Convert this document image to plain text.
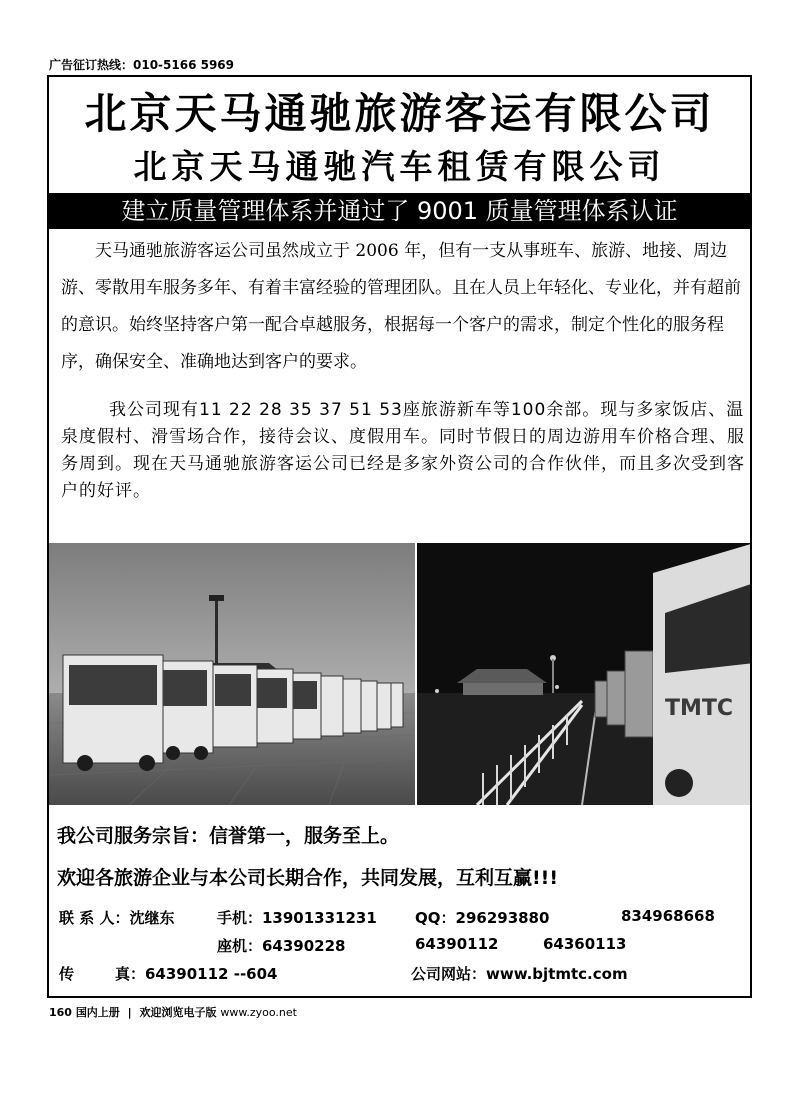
广告征订热线：010-5166 5969
北京天马通驰旅游客运有限公司
北京天马通驰汽车租赁有限公司
建立质量管理体系并通过了 9001 质量管理体系认证

天马通驰旅游客运公司虽然成立于 2006 年，但有一支从事班车、旅游、地接、周边游、零散用车服务多年、有着丰富经验的管理团队。且在人员上年轻化、专业化，并有超前的意识。始终坚持客户第一配合卓越服务，根据每一个客户的需求，制定个性化的服务程序，确保安全、准确地达到客户的要求。

我公司现有11 22 28 35 37 51 53座旅游新车等100余部。现与多家饭店、温泉度假村、滑雪场合作，接待会议、度假用车。同时节假日的周边游用车价格合理、服务周到。现在天马通驰旅游客运公司已经是多家外资公司的合作伙伴，而且多次受到客户的好评。

TMTC
我公司服务宗旨：信誉第一，服务至上。
欢迎各旅游企业与本公司长期合作，共同发展，互利互赢!!!
联 系 人：沈继东	手机：13901331231	QQ：296293880	834968668
座机：64390228	64390112	64360113
传	真：64390112 --604	公司网站：www.bjtmtc.com
160 国内上册 | 欢迎浏览电子版 www.zyoo.net
